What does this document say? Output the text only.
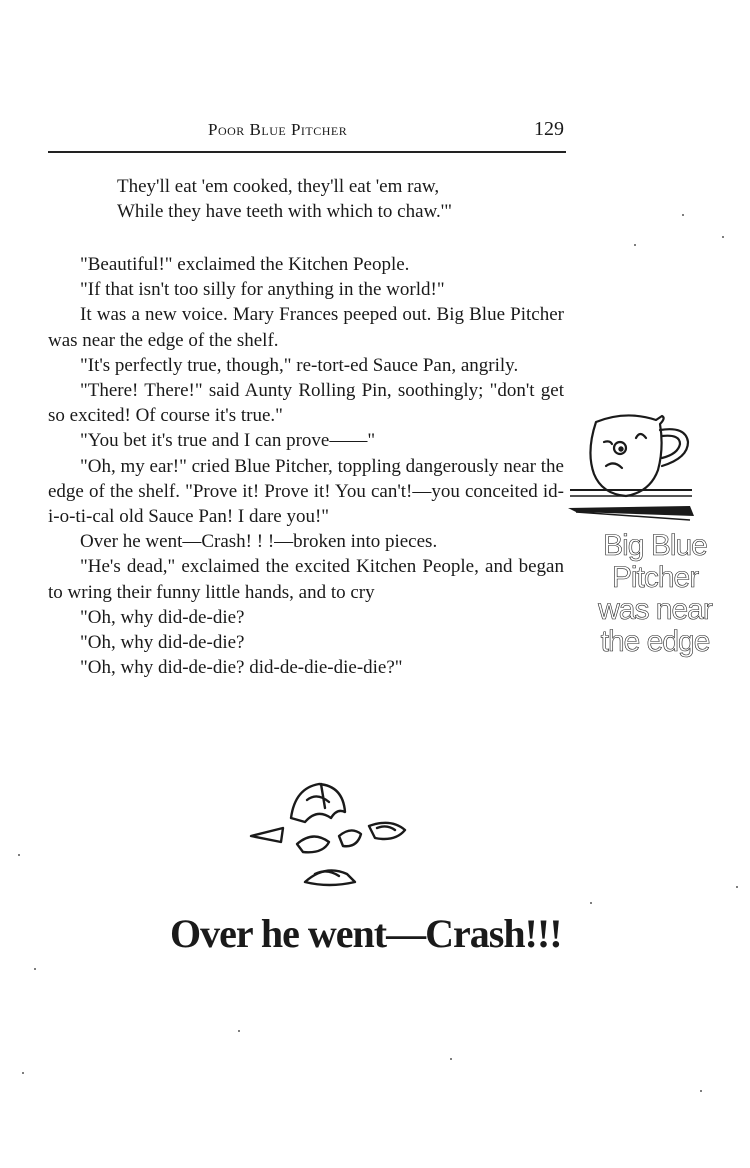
Poor Blue Pitcher	129
They'll eat 'em cooked, they'll eat 'em raw,
While they have teeth with which to chaw.'"

"Beautiful!" exclaimed the Kitchen People.

"If that isn't too silly for anything in the world!"

It was a new voice. Mary Frances peeped out. Big Blue Pitcher was near the edge of the shelf.

"It's perfectly true, though," re-tort-ed Sauce Pan, angrily.

"There! There!" said Aunty Rolling Pin, soothingly; "don't get so excited! Of course it's true."

"You bet it's true and I can prove——"

"Oh, my ear!" cried Blue Pitcher, toppling dangerously near the edge of the shelf. "Prove it! Prove it! You can't!—you conceited id-i-o-ti-cal old Sauce Pan! I dare you!"

Over he went—Crash! ! !—broken into pieces.

"He's dead," exclaimed the excited Kitchen People, and began to wring their funny little hands, and to cry

"Oh, why did-de-die?

"Oh, why did-de-die?

"Oh, why did-de-die? did-de-die-die-die?"

Big Blue
Pitcher
was near
the edge
Over he went—Crash!!!
